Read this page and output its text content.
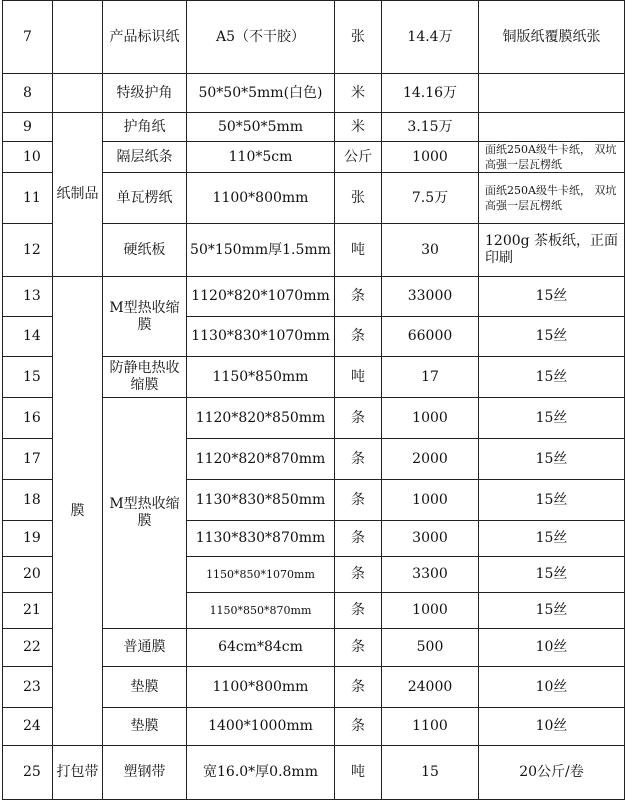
7		产品标识纸	A5（不干胶）	张	14.4万	铜版纸覆膜纸张
8		特级护角	50*50*5mm(白色)	米	14.16万	
9	纸制品	护角纸	50*50*5mm	米	3.15万	
10		隔层纸条	110*5cm	公斤	1000	面纸250A级牛卡纸， 双坑高强一层瓦楞纸
11		单瓦楞纸	1100*800mm	张	7.5万	面纸250A级牛卡纸， 双坑高强一层瓦楞纸
12		硬纸板	50*150mm厚1.5mm	吨	30	1200g 茶板纸，正面印刷
13	膜	M型热收缩膜	1120*820*1070mm	条	33000	15丝
14			1130*830*1070mm	条	66000	15丝
15		防静电热收缩膜	1150*850mm	吨	17	15丝
16		M型热收缩膜	1120*820*850mm	条	1000	15丝
17			1120*820*870mm	条	2000	15丝
18			1130*830*850mm	条	1000	15丝
19			1130*830*870mm	条	3000	15丝
20			1150*850*1070mm	条	3300	15丝
21			1150*850*870mm	条	1000	15丝
22		普通膜	64cm*84cm	条	500	10丝
23		垫膜	1100*800mm	条	24000	10丝
24		垫膜	1400*1000mm	条	1100	10丝
25	打包带	塑钢带	宽16.0*厚0.8mm	吨	15	20公斤/卷
